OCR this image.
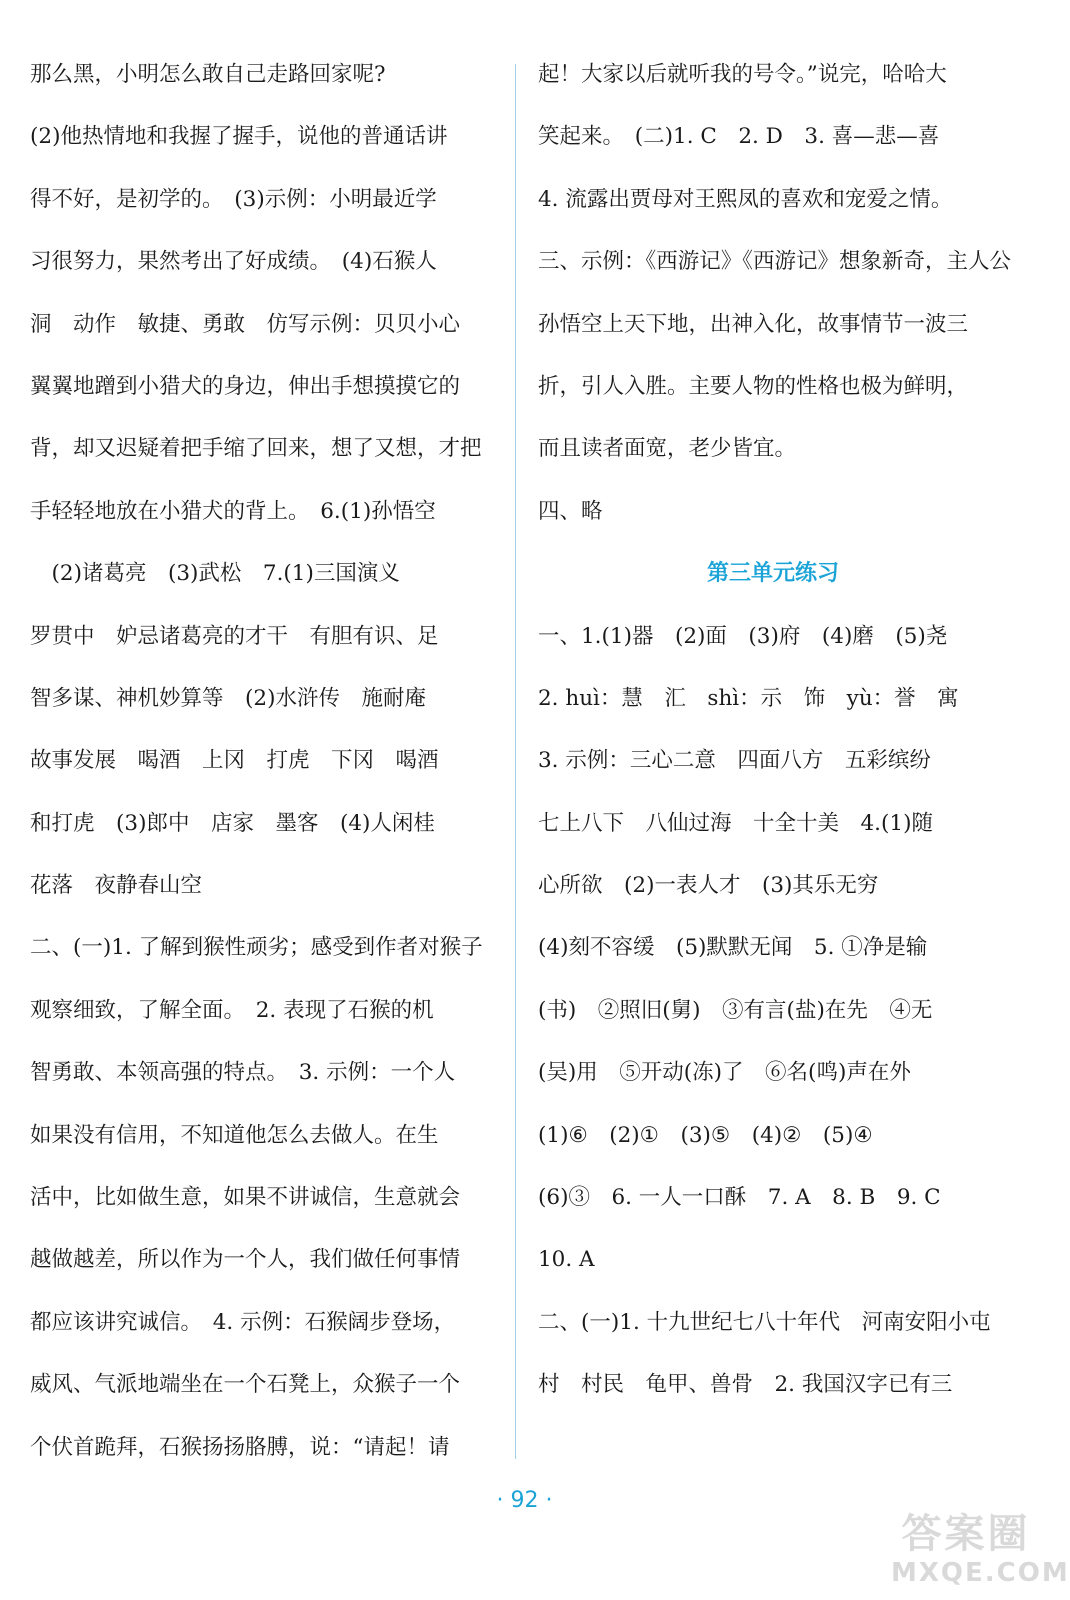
那么黑，小明怎么敢自己走路回家呢?
(2)他热情地和我握了握手，说他的普通话讲
得不好，是初学的。　(3)示例：小明最近学
习很努力，果然考出了好成绩。　(4)石猴人
洞　动作　敏捷、勇敢　仿写示例：贝贝小心
翼翼地蹭到小猎犬的身边，伸出手想摸摸它的
背，却又迟疑着把手缩了回来，想了又想，才把
手轻轻地放在小猎犬的背上。　6.(1)孙悟空
　(2)诸葛亮　(3)武松　7.(1)三国演义
罗贯中　妒忌诸葛亮的才干　有胆有识、足
智多谋、神机妙算等　(2)水浒传　施耐庵
故事发展　喝酒　上冈　打虎　下冈　喝酒
和打虎　(3)郎中　店家　墨客　(4)人闲桂
花落　夜静春山空
二、(一)1. 了解到猴性顽劣；感受到作者对猴子
观察细致，了解全面。　2. 表现了石猴的机
智勇敢、本领高强的特点。　3. 示例：一个人
如果没有信用，不知道他怎么去做人。在生
活中，比如做生意，如果不讲诚信，生意就会
越做越差，所以作为一个人，我们做任何事情
都应该讲究诚信。　4. 示例：石猴阔步登场，
威风、气派地端坐在一个石凳上，众猴子一个
个伏首跪拜，石猴扬扬胳膊，说：“请起！请
起！大家以后就听我的号令。”说完，哈哈大
笑起来。　(二)1. C　2. D　3. 喜—悲—喜
4. 流露出贾母对王熙凤的喜欢和宠爱之情。
三、示例：《西游记》《西游记》想象新奇，主人公
孙悟空上天下地，出神入化，故事情节一波三
折，引人入胜。主要人物的性格也极为鲜明，
而且读者面宽，老少皆宜。
四、略
第三单元练习
一、1.(1)器　(2)面　(3)府　(4)磨　(5)尧
2. huì：慧　汇　shì：示　饰　yù：誉　寓
3. 示例：三心二意　四面八方　五彩缤纷
七上八下　八仙过海　十全十美　4.(1)随
心所欲　(2)一表人才　(3)其乐无穷
(4)刻不容缓　(5)默默无闻　5. ①净是输
(书)　②照旧(舅)　③有言(盐)在先　④无
(吴)用　⑤开动(冻)了　⑥名(鸣)声在外
(1)⑥　(2)①　(3)⑤　(4)②　(5)④
(6)③　6. 一人一口酥　7. A　8. B　9. C
10. A
二、(一)1. 十九世纪七八十年代　河南安阳小屯
村　村民　龟甲、兽骨　2. 我国汉字已有三
· 92 ·
答案圈
MXQE.COM
